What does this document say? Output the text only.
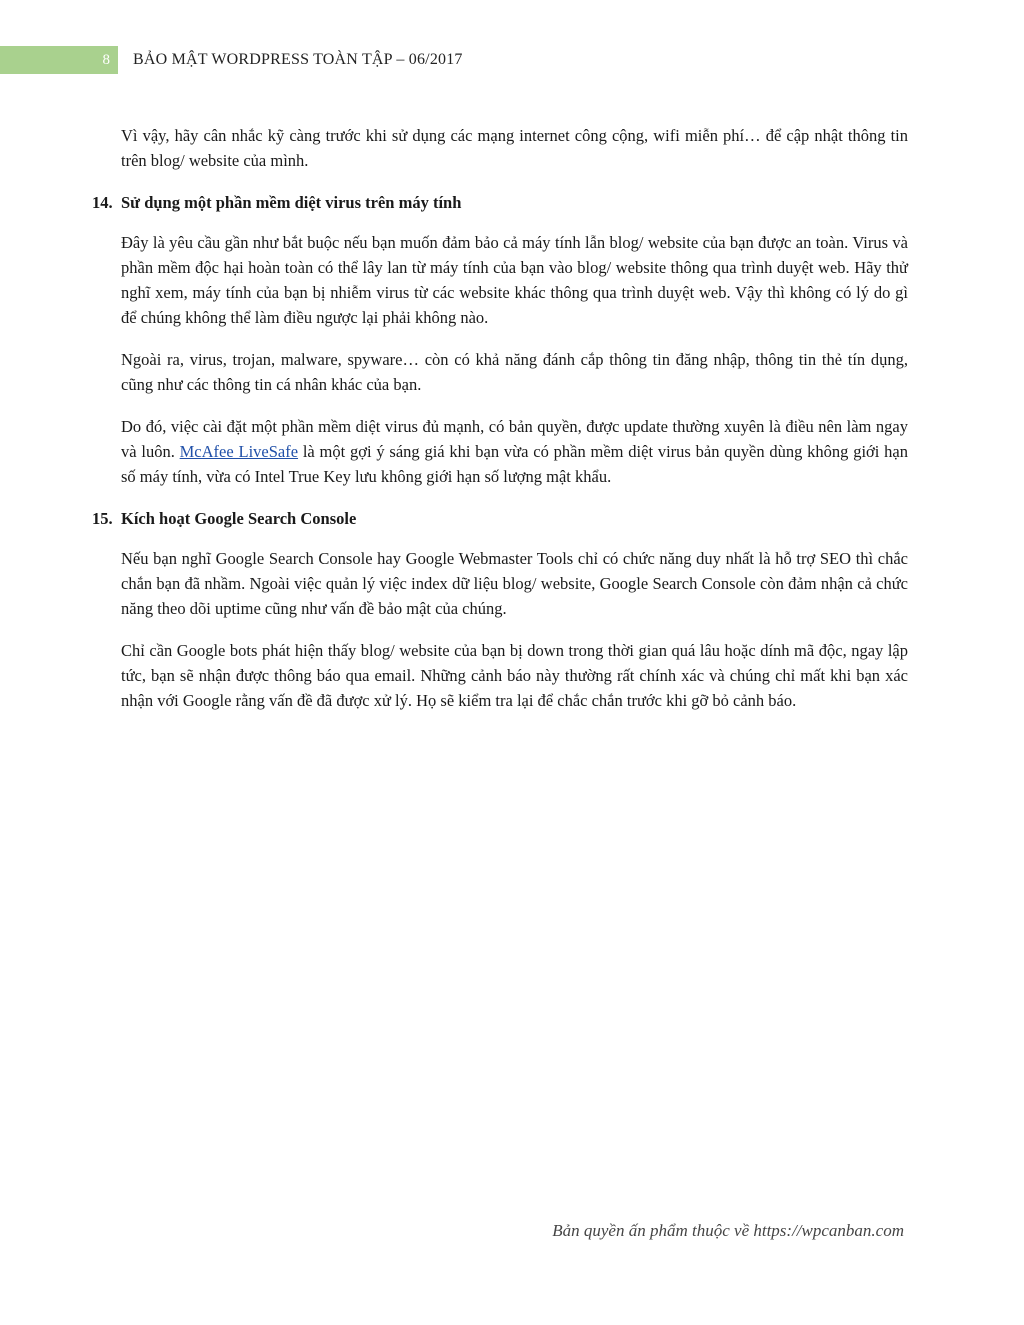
8	BẢO MẬT WORDPRESS TOÀN TẬP – 06/2017

Vì vậy, hãy cân nhắc kỹ càng trước khi sử dụng các mạng internet công cộng, wifi miễn phí… để cập nhật thông tin trên blog/ website của mình.

14. Sử dụng một phần mềm diệt virus trên máy tính

Đây là yêu cầu gần như bắt buộc nếu bạn muốn đảm bảo cả máy tính lẫn blog/ website của bạn được an toàn. Virus và phần mềm độc hại hoàn toàn có thể lây lan từ máy tính của bạn vào blog/ website thông qua trình duyệt web. Hãy thử nghĩ xem, máy tính của bạn bị nhiễm virus từ các website khác thông qua trình duyệt web. Vậy thì không có lý do gì để chúng không thể làm điều ngược lại phải không nào.

Ngoài ra, virus, trojan, malware, spyware… còn có khả năng đánh cắp thông tin đăng nhập, thông tin thẻ tín dụng, cũng như các thông tin cá nhân khác của bạn.

Do đó, việc cài đặt một phần mềm diệt virus đủ mạnh, có bản quyền, được update thường xuyên là điều nên làm ngay và luôn. McAfee LiveSafe là một gợi ý sáng giá khi bạn vừa có phần mềm diệt virus bản quyền dùng không giới hạn số máy tính, vừa có Intel True Key lưu không giới hạn số lượng mật khẩu.

15. Kích hoạt Google Search Console

Nếu bạn nghĩ Google Search Console hay Google Webmaster Tools chỉ có chức năng duy nhất là hỗ trợ SEO thì chắc chắn bạn đã nhầm. Ngoài việc quản lý việc index dữ liệu blog/ website, Google Search Console còn đảm nhận cả chức năng theo dõi uptime cũng như vấn đề bảo mật của chúng.

Chỉ cần Google bots phát hiện thấy blog/ website của bạn bị down trong thời gian quá lâu hoặc dính mã độc, ngay lập tức, bạn sẽ nhận được thông báo qua email. Những cảnh báo này thường rất chính xác và chúng chỉ mất khi bạn xác nhận với Google rằng vấn đề đã được xử lý. Họ sẽ kiểm tra lại để chắc chắn trước khi gỡ bỏ cảnh báo.

Bản quyền ấn phẩm thuộc về https://wpcanban.com
